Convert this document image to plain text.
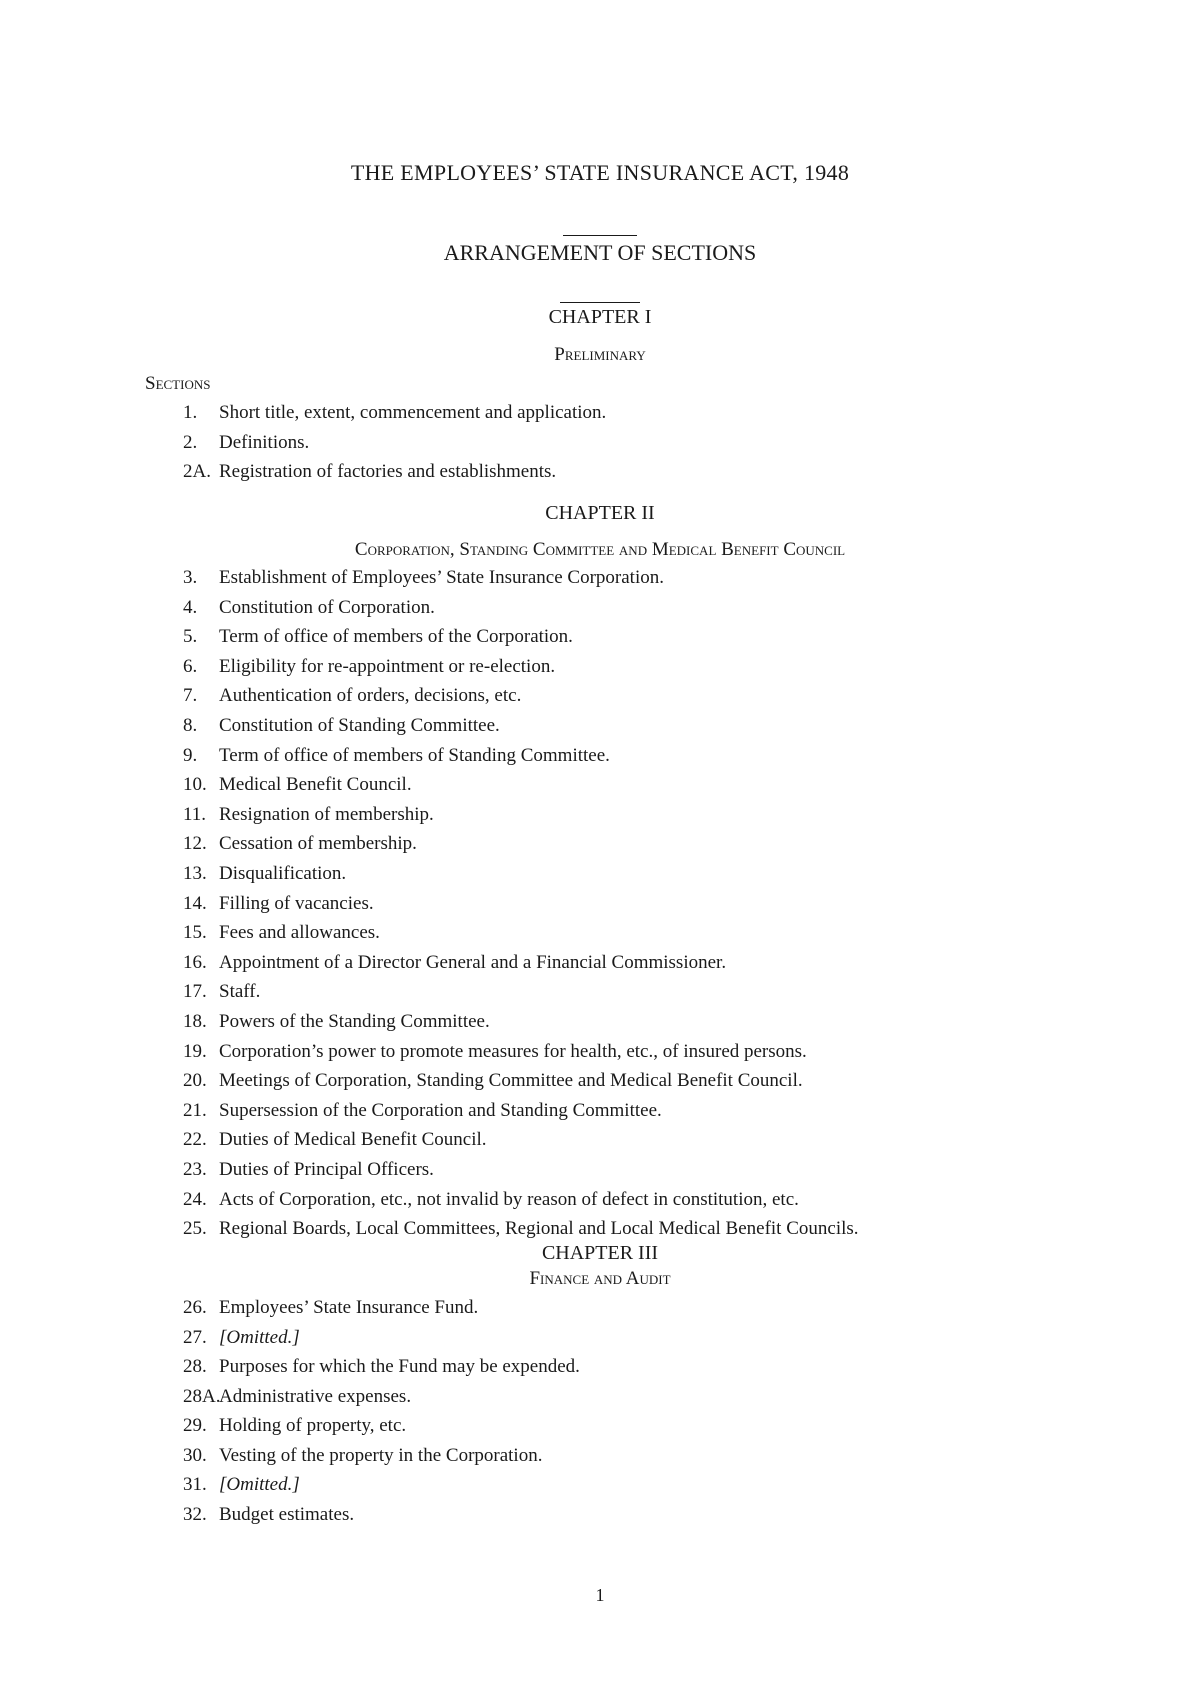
THE EMPLOYEES’ STATE INSURANCE ACT, 1948
ARRANGEMENT OF SECTIONS
CHAPTER I
Preliminary
Sections
1. Short title, extent, commencement and application.
2. Definitions.
2A. Registration of factories and establishments.
CHAPTER II
Corporation, Standing Committee and Medical Benefit Council
3. Establishment of Employees’ State Insurance Corporation.
4. Constitution of Corporation.
5. Term of office of members of the Corporation.
6. Eligibility for re-appointment or re-election.
7. Authentication of orders, decisions, etc.
8. Constitution of Standing Committee.
9. Term of office of members of Standing Committee.
10. Medical Benefit Council.
11. Resignation of membership.
12. Cessation of membership.
13. Disqualification.
14. Filling of vacancies.
15. Fees and allowances.
16. Appointment of a Director General and a Financial Commissioner.
17. Staff.
18. Powers of the Standing Committee.
19. Corporation’s power to promote measures for health, etc., of insured persons.
20. Meetings of Corporation, Standing Committee and Medical Benefit Council.
21. Supersession of the Corporation and Standing Committee.
22. Duties of Medical Benefit Council.
23. Duties of Principal Officers.
24. Acts of Corporation, etc., not invalid by reason of defect in constitution, etc.
25. Regional Boards, Local Committees, Regional and Local Medical Benefit Councils.
CHAPTER III
Finance and Audit
26. Employees’ State Insurance Fund.
27. [Omitted.]
28. Purposes for which the Fund may be expended.
28A.
Administrative expenses.
29. Holding of property, etc.
30. Vesting of the property in the Corporation.
31. [Omitted.]
32. Budget estimates.
1
